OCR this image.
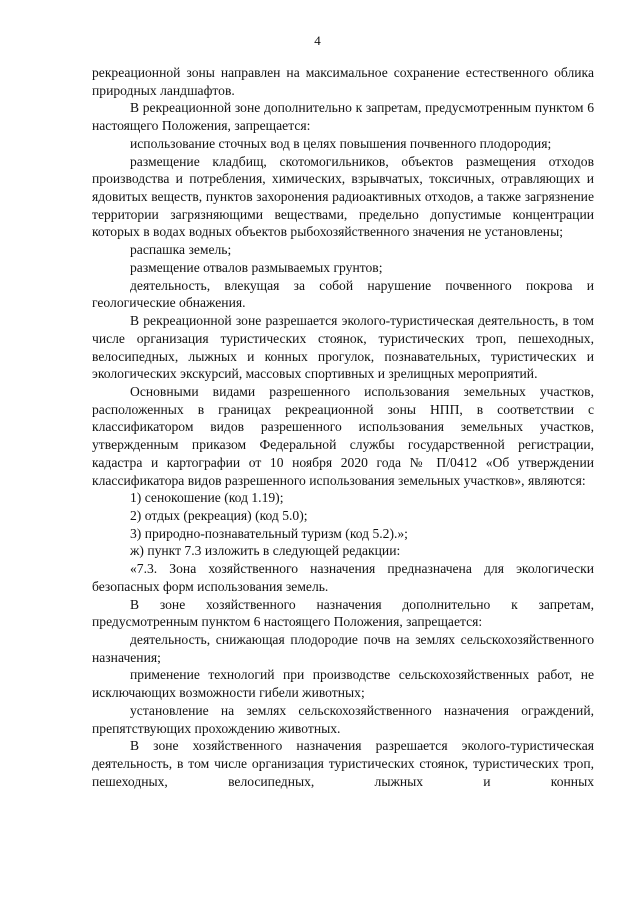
4

рекреационной зоны направлен на максимальное сохранение естественного облика природных ландшафтов.

В рекреационной зоне дополнительно к запретам, предусмотренным пунктом 6 настоящего Положения, запрещается:

использование сточных вод в целях повышения почвенного плодородия;

размещение кладбищ, скотомогильников, объектов размещения отходов производства и потребления, химических, взрывчатых, токсичных, отравляющих и ядовитых веществ, пунктов захоронения радиоактивных отходов, а также загрязнение территории загрязняющими веществами, предельно допустимые концентрации которых в водах водных объектов рыбохозяйственного значения не установлены;

распашка земель;

размещение отвалов размываемых грунтов;

деятельность, влекущая за собой нарушение почвенного покрова и геологические обнажения.

В рекреационной зоне разрешается эколого-туристическая деятельность, в том числе организация туристических стоянок, туристических троп, пешеходных, велосипедных, лыжных и конных прогулок, познавательных, туристических и экологических экскурсий, массовых спортивных и зрелищных мероприятий.

Основными видами разрешенного использования земельных участков, расположенных в границах рекреационной зоны НПП, в соответствии с классификатором видов разрешенного использования земельных участков, утвержденным приказом Федеральной службы государственной регистрации, кадастра и картографии от 10 ноября 2020 года № П/0412 «Об утверждении классификатора видов разрешенного использования земельных участков», являются:

1) сенокошение (код 1.19);

2) отдых (рекреация) (код 5.0);

3) природно-познавательный туризм (код 5.2).»;

ж) пункт 7.3 изложить в следующей редакции:

«7.3. Зона хозяйственного назначения предназначена для экологически безопасных форм использования земель.

В зоне хозяйственного назначения дополнительно к запретам, предусмотренным пунктом 6 настоящего Положения, запрещается:

деятельность, снижающая плодородие почв на землях сельскохозяйственного назначения;

применение технологий при производстве сельскохозяйственных работ, не исключающих возможности гибели животных;

установление на землях сельскохозяйственного назначения ограждений, препятствующих прохождению животных.

В зоне хозяйственного назначения разрешается эколого-туристическая деятельность, в том числе организация туристических стоянок, туристических троп, пешеходных, велосипедных, лыжных и конных
